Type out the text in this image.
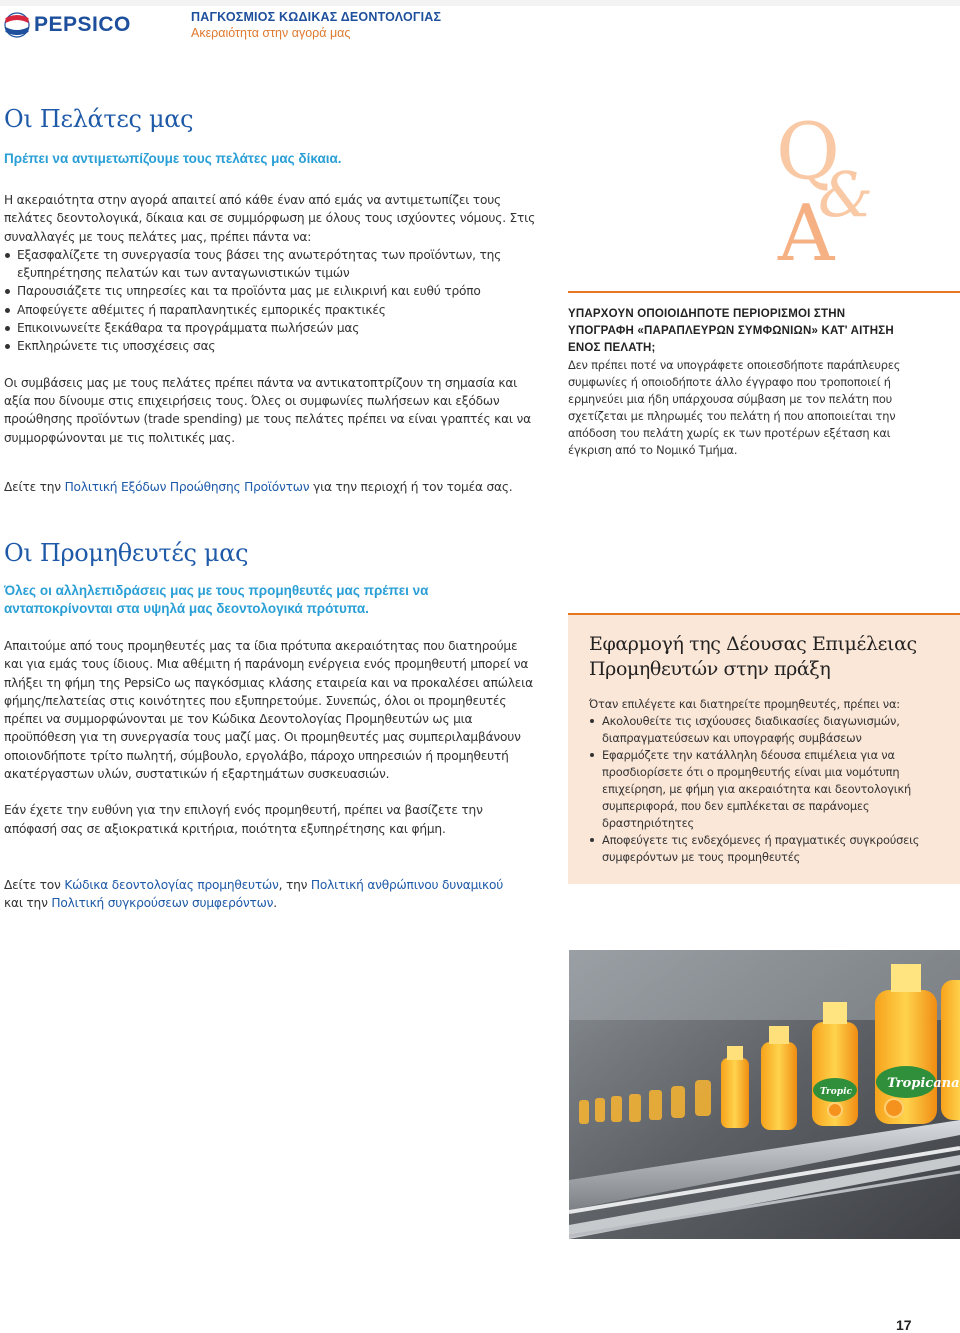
PEPSICO	ΠΑΓΚΟΣΜΙΟΣ ΚΩΔΙΚΑΣ ΔΕΟΝΤΟΛΟΓΙΑΣ
Ακεραιότητα στην αγορά μας
Οι Πελάτες μας
Πρέπει να αντιμετωπίζουμε τους πελάτες μας δίκαια.

Η ακεραιότητα στην αγορά απαιτεί από κάθε έναν από εμάς να αντιμετωπίζει τους

πελάτες δεοντολογικά, δίκαια και σε συμμόρφωση με όλους τους ισχύοντες νόμους. Στις

συναλλαγές με τους πελάτες μας, πρέπει πάντα να:

Εξασφαλίζετε τη συνεργασία τους βάσει της ανωτερότητας των προϊόντων, της εξυπηρέτησης πελατών και των ανταγωνιστικών τιμών
Παρουσιάζετε τις υπηρεσίες και τα προϊόντα μας με ειλικρινή και ευθύ τρόπο
Αποφεύγετε αθέμιτες ή παραπλανητικές εμπορικές πρακτικές
Επικοινωνείτε ξεκάθαρα τα προγράμματα πωλήσεών μας
Εκπληρώνετε τις υποσχέσεις σας

Οι συμβάσεις μας με τους πελάτες πρέπει πάντα να αντικατοπτρίζουν τη σημασία και

αξία που δίνουμε στις επιχειρήσεις τους. Όλες οι συμφωνίες πωλήσεων και εξόδων

προώθησης προϊόντων (trade spending) με τους πελάτες πρέπει να είναι γραπτές και να

συμμορφώνονται με τις πολιτικές μας.

Δείτε την Πολιτική Εξόδων Προώθησης Προϊόντων για την περιοχή ή τον τομέα σας.
Q
&
A
ΥΠΑΡΧΟΥΝ ΟΠΟΙΟΙΔΗΠΟΤΕ ΠΕΡΙΟΡΙΣΜΟΙ ΣΤΗΝ
ΥΠΟΓΡΑΦΗ «ΠΑΡΑΠΛΕΥΡΩΝ ΣΥΜΦΩΝΙΩΝ» ΚΑΤ' ΑΙΤΗΣΗ
ΕΝΟΣ ΠΕΛΑΤΗ;
Δεν πρέπει ποτέ να υπογράφετε οποιεσδήποτε παράπλευρες
συμφωνίες ή οποιοδήποτε άλλο έγγραφο που τροποποιεί ή
ερμηνεύει μια ήδη υπάρχουσα σύμβαση με τον πελάτη που
σχετίζεται με πληρωμές του πελάτη ή που αποποιείται την
απόδοση του πελάτη χωρίς εκ των προτέρων εξέταση και
έγκριση από το Νομικό Τμήμα.
Οι Προμηθευτές μας
Όλες οι αλληλεπιδράσεις μας με τους προμηθευτές μας πρέπει να
ανταποκρίνονται στα υψηλά μας δεοντολογικά πρότυπα.

Απαιτούμε από τους προμηθευτές μας τα ίδια πρότυπα ακεραιότητας που διατηρούμε

και για εμάς τους ίδιους. Μια αθέμιτη ή παράνομη ενέργεια ενός προμηθευτή μπορεί να

πλήξει τη φήμη της PepsiCo ως παγκόσμιας κλάσης εταιρεία και να προκαλέσει απώλεια

φήμης/πελατείας στις κοινότητες που εξυπηρετούμε. Συνεπώς, όλοι οι προμηθευτές

πρέπει να συμμορφώνονται με τον Κώδικα Δεοντολογίας Προμηθευτών ως μια

προϋπόθεση για τη συνεργασία τους μαζί μας. Οι προμηθευτές μας συμπεριλαμβάνουν

οποιονδήποτε τρίτο πωλητή, σύμβουλο, εργολάβο, πάροχο υπηρεσιών ή προμηθευτή

ακατέργαστων υλών, συστατικών ή εξαρτημάτων συσκευασιών.

Εάν έχετε την ευθύνη για την επιλογή ενός προμηθευτή, πρέπει να βασίζετε την

απόφασή σας σε αξιοκρατικά κριτήρια, ποιότητα εξυπηρέτησης και φήμη.

Δείτε τον Κώδικα δεοντολογίας προμηθευτών, την Πολιτική ανθρώπινου δυναμικού
και την Πολιτική συγκρούσεων συμφερόντων.
Εφαρμογή της Δέουσας Επιμέλειας
Προμηθευτών στην πράξη
Όταν επιλέγετε και διατηρείτε προμηθευτές, πρέπει να:
Ακολουθείτε τις ισχύουσες διαδικασίες διαγωνισμών, διαπραγματεύσεων και υπογραφής συμβάσεων
Εφαρμόζετε την κατάλληλη δέουσα επιμέλεια για να προσδιορίσετε ότι ο προμηθευτής είναι μια νομότυπη επιχείρηση, με φήμη για ακεραιότητα και δεοντολογική συμπεριφορά, που δεν εμπλέκεται σε παράνομες δραστηριότητες
Αποφεύγετε τις ενδεχόμενες ή πραγματικές συγκρούσεις συμφερόντων με τους προμηθευτές
Tropicana
Tropic
17
